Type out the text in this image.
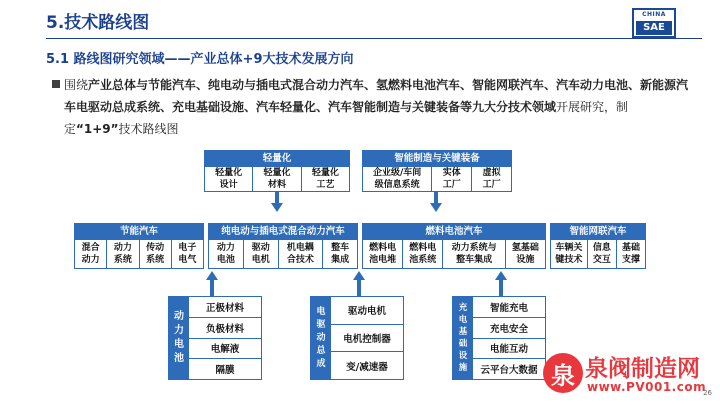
5.技术路线图	CHINA
SAE
5.1 路线图研究领域——产业总体+9大技术发展方向
围绕产业总体与节能汽车、纯电动与插电式混合动力汽车、氢燃料电池汽车、智能网联汽车、汽车动力电池、新能源汽车电驱动总成系统、充电基础设施、汽车轻量化、汽车智能制造与关键装备等九大分技术领域开展研究，制定“1+9”技术路线图
轻量化
轻量化
设计
轻量化
材料
轻量化
工艺
智能制造与关键装备
企业级/车间
级信息系统
实体
工厂
虚拟
工厂
节能汽车
混合
动力
动力
系统
传动
系统
电子
电气
纯电动与插电式混合动力汽车
动力
电池
驱动
电机
机电耦
合技术
整车
集成
燃料电池汽车
燃料电
池电堆
燃料电
池系统
动力系统与
整车集成
氢基础
设施
智能网联汽车
车辆关
键技术
信息
交互
基础
支撑
动
力
电
池
正极材料
负极材料
电解液
隔膜
电
驱
动
总
成
驱动电机
电机控制器
变/减速器
充
电
基
础
设
施
智能充电
充电安全
电能互动
云平台大数据 泉 泉阀制造网
www.PV001.com
26
